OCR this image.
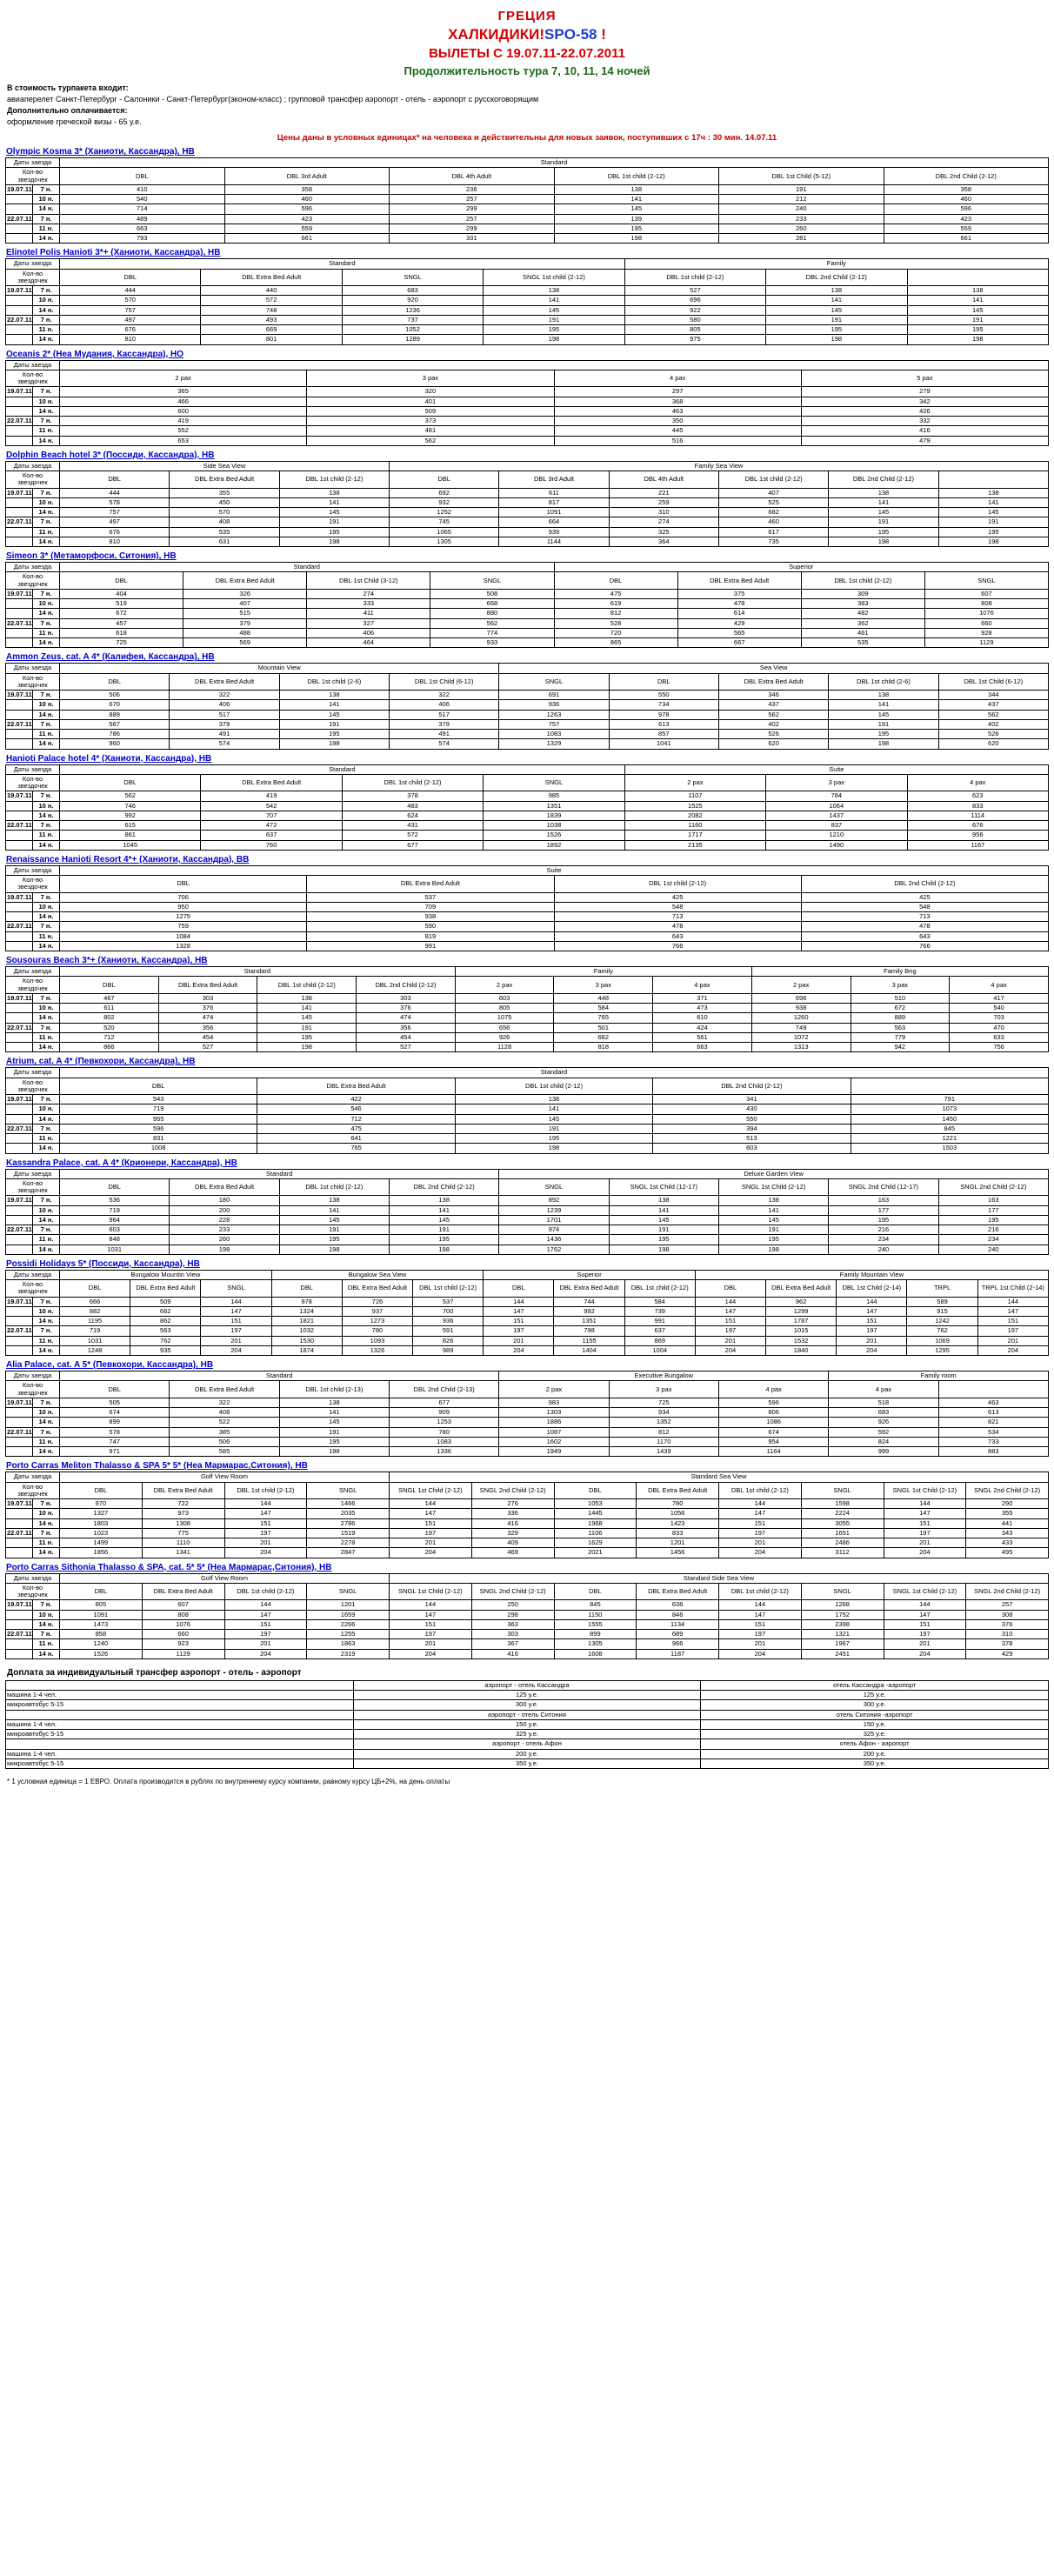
ГРЕЦИЯ
ХАЛКИДИКИ!SPO-58 !
ВЫЛЕТЫ С 19.07.11-22.07.2011
Продолжительность тура 7, 10, 11, 14 ночей
В стоимость турпакета входит:
авиаперелет Санкт-Петербург - Салоники - Санкт-Петербург(эконом-класс) ; групповой трансфер аэропорт - отель - аэропорт с русскоговорящим
Дополнительно оплачивается:
оформление греческой визы - 65 у.е.
Цены даны в условных единицах* на человека и действительны для новых заявок, поступивших с 17ч : 30 мин. 14.07.11
Olympic Kosma 3* (Ханиоти, Кассандра), НВ
Даты заезда		Standard					
Кол-во звездочек		DBL	DBL 3rd Adult	DBL 4th Adult	DBL 1st child (2-12)	DBL 1st Child (5-12)	DBL 2nd Child (2-12)
19.07.11	7 н.	410	358	236	138	191	358
	10 н.	540	460	257	141	212	460
	14 н.	714	596	299	145	240	596
22.07.11	7 н.	489	423	257	139	233	423
	11 н.	663	559	299	195	260	559
	14 н.	793	661	331	198	281	661
Elinotel Polis Hanioti 3*+ (Ханиоти, Кассандра), НВ
Даты заезда		Standard				Family		
Кол-во звездочек		DBL	DBL Extra Bed Adult	SNGL	SNGL 1st child (2-12)	DBL 1st child (2-12)	DBL 2nd Child (2-12)	
19.07.11	7 н.	444	440	683	138	527	138	138
	10 н.	570	572	920	141	696	141	141
	14 н.	757	748	1236	145	922	145	145
22.07.11	7 н.	497	493	737	191	580	191	191
	11 н.	676	669	1052	195	805	195	195
	14 н.	810	801	1289	198	975	198	198
Oceanis 2* (Неа Мудания, Кассандра), НО
Даты заезда					
Кол-во звездочек		2 pax	3 pax	4 pax	5 pax
19.07.11	7 н.	365	320	297	279
	10 н.	466	401	368	342
	14 н.	600	509	463	426
22.07.11	7 н.	419	373	350	332
	11 н.	552	481	445	416
	14 н.	653	562	516	479
Dolphin Beach hotel 3* (Поссиди, Кассандра), НВ
Даты заезда		Side Sea View			Family Sea View					
Кол-во звездочек		DBL	DBL Extra Bed Adult	DBL 1st child (2-12)	DBL	DBL 3rd Adult	DBL 4th Adult	DBL 1st child (2-12)	DBL 2nd Child (2-12)	
19.07.11	7 н.	444	355	138	692	611	221	407	138	138
	10 н.	578	450	141	932	817	259	525	141	141
	14 н.	757	570	145	1252	1091	310	682	145	145
22.07.11	7 н.	497	408	191	745	664	274	460	191	191
	11 н.	676	535	195	1065	939	325	617	195	195
	14 н.	810	631	198	1305	1144	364	735	198	198
Simeon 3* (Метаморфоси, Ситония), НВ
Даты заезда		Standard				Superior			
Кол-во звездочек		DBL	DBL Extra Bed Adult	DBL 1st Child (3-12)	SNGL	DBL	DBL Extra Bed Adult	DBL 1st child (2-12)	SNGL
19.07.11	7 н.	404	326	274	508	475	375	309	607
	10 н.	519	407	333	668	619	478	383	808
	14 н.	672	515	411	880	812	614	482	1076
22.07.11	7 н.	457	379	327	562	528	429	362	660
	11 н.	618	488	406	774	720	565	461	928
	14 н.	725	569	464	933	865	667	535	1129
Ammon Zeus, cat. A 4* (Калифея, Кассандра), НВ
Даты заезда		Mountain View				Sea View				
Кол-во звездочек		DBL	DBL Extra Bed Adult	DBL 1st child (2-6)	DBL 1st Child (6-12)	SNGL	DBL	DBL Extra Bed Adult	DBL 1st child (2-6)	DBL 1st Child (6-12)
19.07.11	7 н.	506	322	138	322	691	550	346	138	344
	10 н.	670	406	141	406	936	734	437	141	437
	14 н.	889	517	145	517	1263	978	562	145	562
22.07.11	7 н.	567	379	191	379	757	613	402	191	402
	11 н.	786	491	195	491	1083	857	526	195	526
	14 н.	960	574	198	574	1329	1041	620	198	620
Hanioti Palace hotel 4* (Ханиоти, Кассандра), НВ
Даты заезда		Standard				Suite		
Кол-во звездочек		DBL	DBL Extra Bed Adult	DBL 1st child (2-12)	SNGL	2 pax	3 pax	4 pax
19.07.11	7 н.	562	419	378	985	1107	784	623
	10 н.	746	542	483	1351	1525	1064	833
	14 н.	992	707	624	1839	2082	1437	1114
22.07.11	7 н.	615	472	431	1038	1160	837	676
	11 н.	861	637	572	1526	1717	1210	956
	14 н.	1045	760	677	1892	2135	1490	1167
Renaissance Hanioti Resort 4*+ (Ханиоти, Кассандра), ВВ
Даты заезда		Suite			
Кол-во звездочек		DBL	DBL Extra Bed Adult	DBL 1st child (2-12)	DBL 2nd Child (2-12)
19.07.11	7 н.	706	537	425	425
	10 н.	950	709	548	548
	14 н.	1275	938	713	713
22.07.11	7 н.	759	590	478	478
	11 н.	1084	819	643	643
	14 н.	1328	991	766	766
Sousouras Beach 3*+ (Ханиоти, Кассандра), НВ
Даты заезда		Standard				Family			Family Bng		
Кол-во звездочек		DBL	DBL Extra Bed Adult	DBL 1st child (2-12)	DBL 2nd Child (2-12)	2 pax	3 pax	4 pax	2 pax	3 pax	4 pax
19.07.11	7 н.	467	303	138	303	603	448	371	696	510	417
	10 н.	611	376	141	376	805	584	473	938	672	540
	14 н.	802	474	145	474	1075	765	610	1260	889	703
22.07.11	7 н.	520	356	191	356	656	501	424	749	563	470
	11 н.	712	454	195	454	926	682	561	1072	779	633
	14 н.	866	527	198	527	1128	818	663	1313	942	756
Atrium, cat. A 4* (Певкохори, Кассандра), НВ
Даты заезда		Standard				
Кол-во звездочек		DBL	DBL Extra Bed Adult	DBL 1st child (2-12)	DBL 2nd Child (2-12)	
19.07.11	7 н.	543	422	138	341	791
	10 н.	719	546	141	430	1073
	14 н.	955	712	145	550	1450
22.07.11	7 н.	596	475	191	394	845
	11 н.	831	641	195	513	1221
	14 н.	1008	765	198	603	1503
Kassandra Palace, cat. A 4* (Крионери, Кассандра), НВ
Даты заезда		Standard				Deluxe Garden View				
Кол-во звездочек		DBL	DBL Extra Bed Adult	DBL 1st child (2-12)	DBL 2nd Child (2-12)	SNGL	SNGL 1st Child (12-17)	SNGL 1st Child (2-12)	SNGL 2nd Child (12-17)	SNGL 2nd Child (2-12)
19.07.11	7 н.	536	180	138	138	892	138	138	163	163
	10 н.	719	200	141	141	1239	141	141	177	177
	14 н.	964	228	145	145	1701	145	145	195	195
22.07.11	7 н.	603	233	191	191	974	191	191	216	216
	11 н.	848	260	195	195	1436	195	195	234	234
	14 н.	1031	198	198	198	1762	198	198	240	240
Possidi Holidays 5* (Поссиди, Кассандра), НВ
Даты заезда		Bungalow Mountin View			Bungalow Sea View			Superior			Family Mountain View				
Кол-во звездочек		DBL	DBL Extra Bed Adult	SNGL	DBL	DBL Extra Bed Adult	DBL 1st child (2-12)	DBL	DBL Extra Bed Adult	DBL 1st child (2-12)	DBL	DBL Extra Bed Adult	DBL 1st Child (2-14)	TRPL	TRPL 1st Child (2-14)
19.07.11	7 н.	666	509	144	978	726	537	144	744	584	144	962	144	589	144
	10 н.	882	662	147	1324	937	700	147	992	739	147	1299	147	915	147
	14 н.	1195	862	151	1821	1273	936	151	1351	991	151	1787	151	1242	151
22.07.11	7 н.	719	563	197	1032	780	591	197	798	637	197	1015	197	762	197
	11 н.	1031	762	201	1530	1093	826	201	1155	869	201	1532	201	1069	201
	14 н.	1248	935	204	1874	1326	989	204	1404	1004	204	1840	204	1295	204
Alia Palace, cat. A 5* (Певкохори, Кассандра), НВ
Даты заезда		Standard				Executive Bungalow			Family room	
Кол-во звездочек		DBL	DBL Extra Bed Adult	DBL 1st child (2-13)	DBL 2nd Child (2-13)	2 pax	3 pax	4 pax	4 pax	
19.07.11	7 н.	505	322	138	677	983	725	596	518	463
	10 н.	674	408	141	909	1303	934	806	683	613
	14 н.	899	522	145	1253	1886	1352	1086	926	821
22.07.11	7 н.	578	385	191	780	1087	812	674	592	534
	11 н.	747	506	195	1083	1602	1170	954	824	733
	14 н.	971	585	198	1336	1949	1439	1164	999	883
Porto Carras Meliton Thalasso & SPA 5* 5* (Неа Мармарас,Ситония), НВ
Даты заезда		Golf View Room				Standard Sea View							
Кол-во звездочек		DBL	DBL Extra Bed Adult	DBL 1st child (2-12)	SNGL	SNGL 1st Child (2-12)	SNGL 2nd Child (2-12)	DBL	DBL Extra Bed Adult	DBL 1st child (2-12)	SNGL	SNGL 1st Child (2-12)	SNGL 2nd Child (2-12)
19.07.11	7 н.	970	722	144	1466	144	276	1053	780	144	1598	144	290
	10 н.	1327	973	147	2035	147	336	1445	1056	147	2224	147	355
	14 н.	1803	1308	151	2786	151	416	1968	1423	151	3055	151	441
22.07.11	7 н.	1023	775	197	1519	197	329	1106	833	197	1651	197	343
	11 н.	1499	1110	201	2278	201	409	1629	1201	201	2486	201	433
	14 н.	1856	1341	204	2847	204	469	2021	1456	204	3112	204	495
Porto Carras Sithonia Thalasso & SPA, cat. 5* 5* (Неа Мармарас,Ситония), НВ
Даты заезда		Golf View Room				Standard Side Sea View							
Кол-во звездочек		DBL	DBL Extra Bed Adult	DBL 1st child (2-12)	SNGL	SNGL 1st Child (2-12)	SNGL 2nd Child (2-12)	DBL	DBL Extra Bed Adult	DBL 1st child (2-12)	SNGL	SNGL 1st Child (2-12)	SNGL 2nd Child (2-12)
19.07.11	7 н.	805	607	144	1201	144	250	845	636	144	1268	144	257
	10 н.	1091	808	147	1659	147	298	1150	846	147	1752	147	308
	14 н.	1473	1076	151	2266	151	363	1555	1134	151	2398	151	376
22.07.11	7 н.	858	660	197	1255	197	303	899	689	197	1321	197	310
	11 н.	1240	923	201	1863	201	367	1305	966	201	1967	201	378
	14 н.	1526	1129	204	2319	204	416	1608	1187	204	2451	204	429
Доплата за индивидуальный трансфер аэропорт - отель - аэропорт
	аэропорт - отель Кассандра	отель Кассандра -аэропорт
машина 1-4 чел.	125 у.е.	125 у.е.
микроавтобус 5-15	300 у.е.	300 у.е.
	аэропорт - отель Ситония	отель Ситония -аэропорт
машина 1-4 чел.	150 у.е.	150 у.е.
микроавтобус 5-15	325 у.е.	325 у.е.
	аэропорт - отель Афон	отель Афон - аэропорт
машина 1-4 чел.	200 у.е.	200 у.е.
микроавтобус 5-15	350 у.е.	350 у.е.
* 1 условная единица = 1 ЕВРО. Оплата производится в рублях по внутреннему курсу компании, равному курсу ЦБ+2%, на день оплаты
